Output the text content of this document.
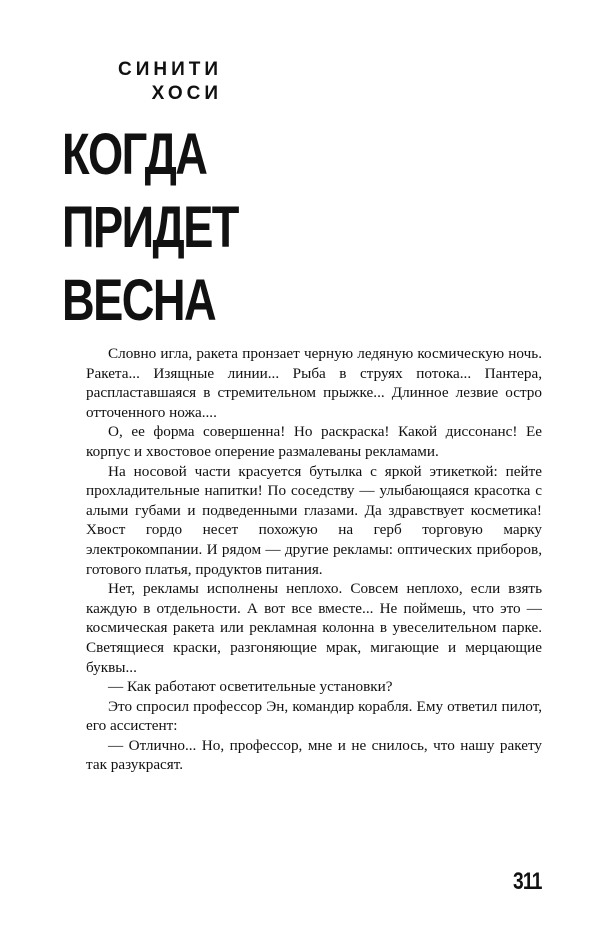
СИНИТИ
ХОСИ
КОГДА
ПРИДЕТ
ВЕСНА

Словно игла, ракета пронзает черную ледяную космическую ночь. Ракета... Изящные линии... Рыба в струях потока... Пантера, распластавшаяся в стремительном прыжке... Длинное лезвие остро отточенного ножа....

О, ее форма совершенна! Но раскраска! Какой диссонанс! Ее корпус и хвостовое оперение размалеваны рекламами.

На носовой части красуется бутылка с яркой этикеткой: пейте прохладительные напитки! По соседству — улыбающаяся красотка с алыми губами и подведенными глазами. Да здравствует косметика! Хвост гордо несет похожую на герб торговую марку электрокомпании. И рядом — другие рекламы: оптических приборов, готового платья, продуктов питания.

Нет, рекламы исполнены неплохо. Совсем неплохо, если взять каждую в отдельности. А вот все вместе... Не поймешь, что это — космическая ракета или рекламная колонна в увеселительном парке. Светящиеся краски, разгоняющие мрак, мигающие и мерцающие буквы...

— Как работают осветительные установки?

Это спросил профессор Эн, командир корабля. Ему ответил пилот, его ассистент:

— Отлично... Но, профессор, мне и не снилось, что нашу ракету так разукрасят.

311
